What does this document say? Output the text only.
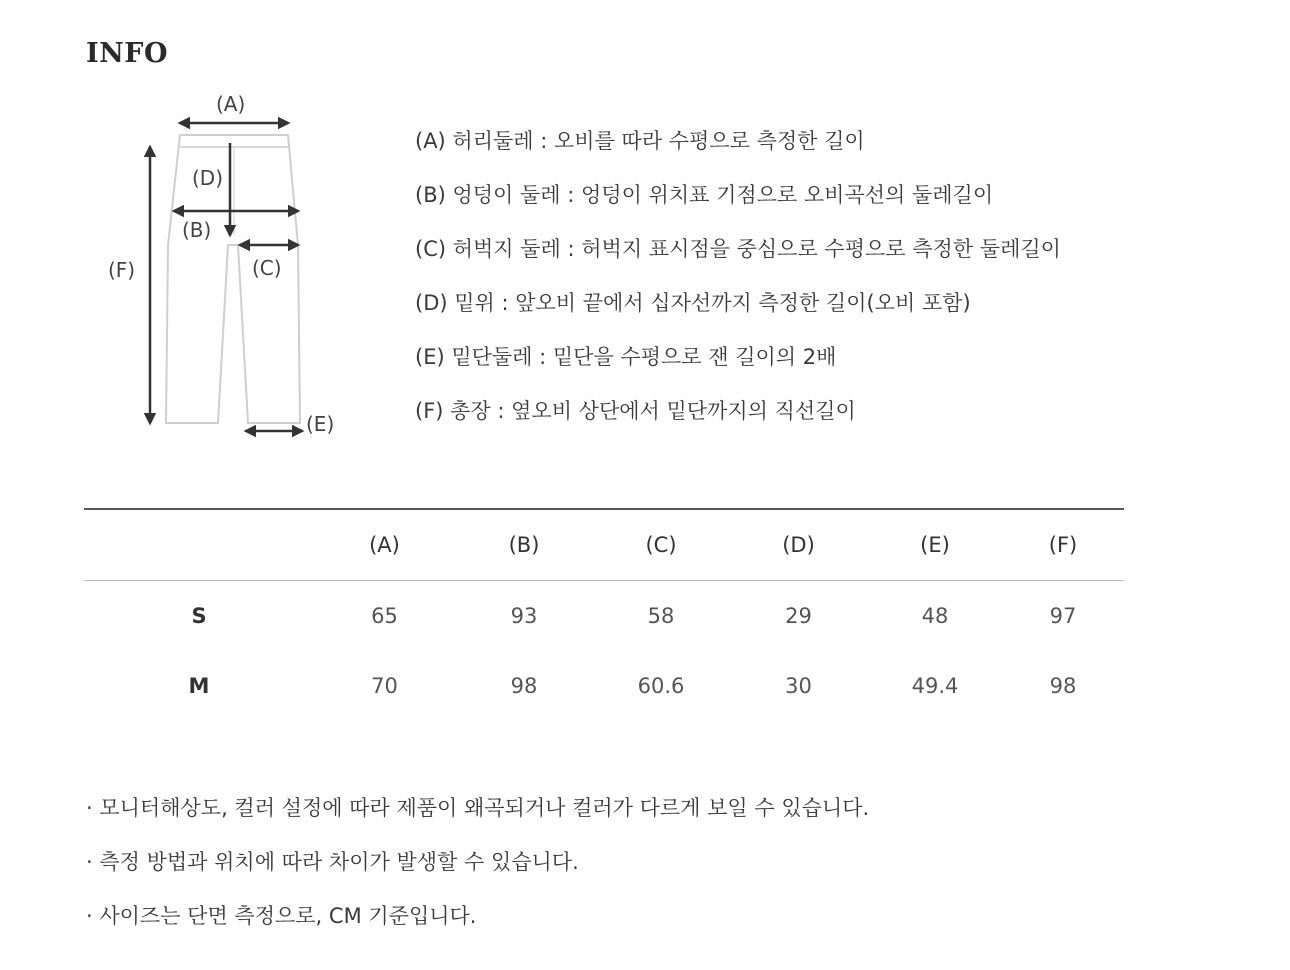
INFO
(A)
(D)
(B)
(C)
(F)
(E)
(A) 허리둘레 : 오비를 따라 수평으로 측정한 길이
(B) 엉덩이 둘레 : 엉덩이 위치표 기점으로 오비곡선의 둘레길이
(C) 허벅지 둘레 : 허벅지 표시점을 중심으로 수평으로 측정한 둘레길이
(D) 밑위 : 앞오비 끝에서 십자선까지 측정한 길이(오비 포함)
(E) 밑단둘레 : 밑단을 수평으로 잰 길이의 2배
(F) 총장 : 옆오비 상단에서 밑단까지의 직선길이
	(A)	(B)	(C)	(D)	(E)	(F)
S	65	93	58	29	48	97
M	70	98	60.6	30	49.4	98
· 모니터해상도, 컬러 설정에 따라 제품이 왜곡되거나 컬러가 다르게 보일 수 있습니다.
· 측정 방법과 위치에 따라 차이가 발생할 수 있습니다.
· 사이즈는 단면 측정으로, CM 기준입니다.
